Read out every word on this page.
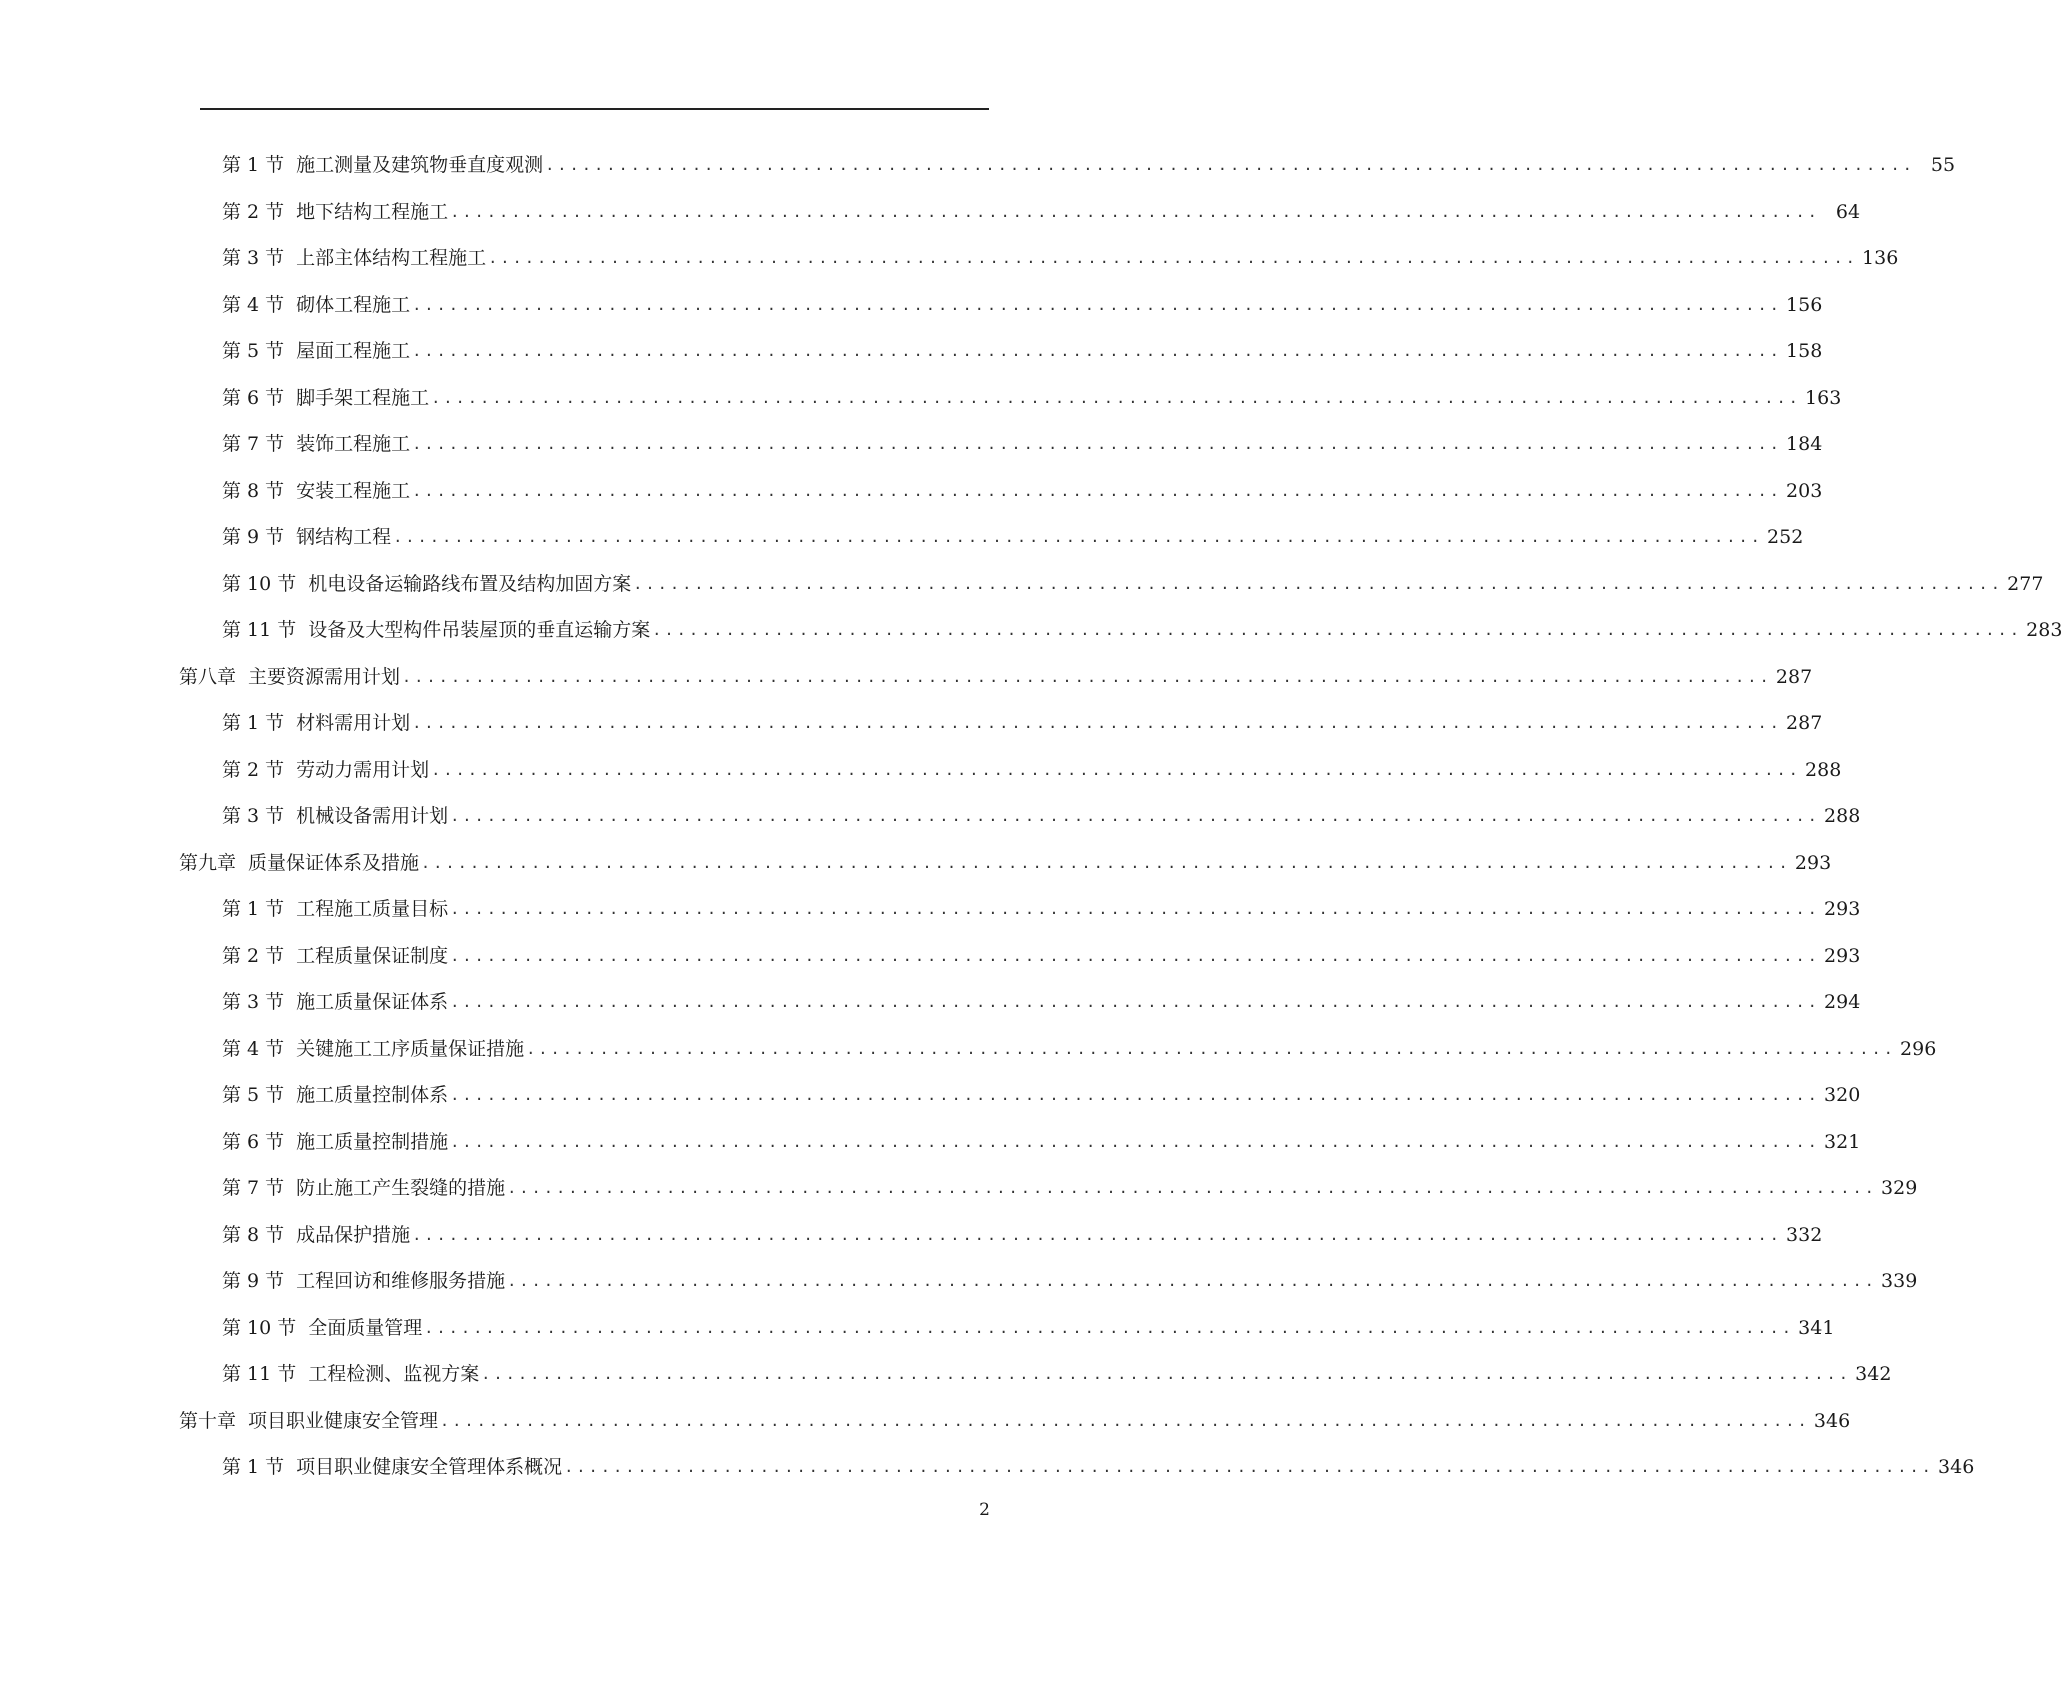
第 1 节 施工测量及建筑物垂直度观测 ................................................................................................................ 55
第 2 节 地下结构工程施工 ................................................................................................................ 64
第 3 节 上部主体结构工程施工 ................................................................................................................ 136
第 4 节 砌体工程施工 ................................................................................................................ 156
第 5 节 屋面工程施工 ................................................................................................................ 158
第 6 节 脚手架工程施工 ................................................................................................................ 163
第 7 节 装饰工程施工 ................................................................................................................ 184
第 8 节 安装工程施工 ................................................................................................................ 203
第 9 节 钢结构工程 ................................................................................................................ 252
第 10 节 机电设备运输路线布置及结构加固方案 ................................................................................................................ 277
第 11 节 设备及大型构件吊装屋顶的垂直运输方案 ................................................................................................................ 283
第八章 主要资源需用计划 ................................................................................................................ 287
第 1 节 材料需用计划 ................................................................................................................ 287
第 2 节 劳动力需用计划 ................................................................................................................ 288
第 3 节 机械设备需用计划 ................................................................................................................ 288
第九章 质量保证体系及措施 ................................................................................................................ 293
第 1 节 工程施工质量目标 ................................................................................................................ 293
第 2 节 工程质量保证制度 ................................................................................................................ 293
第 3 节 施工质量保证体系 ................................................................................................................ 294
第 4 节 关键施工工序质量保证措施 ................................................................................................................ 296
第 5 节 施工质量控制体系 ................................................................................................................ 320
第 6 节 施工质量控制措施 ................................................................................................................ 321
第 7 节 防止施工产生裂缝的措施 ................................................................................................................ 329
第 8 节 成品保护措施 ................................................................................................................ 332
第 9 节 工程回访和维修服务措施 ................................................................................................................ 339
第 10 节 全面质量管理 ................................................................................................................ 341
第 11 节 工程检测、监视方案 ................................................................................................................ 342
第十章 项目职业健康安全管理 ................................................................................................................ 346
第 1 节 项目职业健康安全管理体系概况 ................................................................................................................ 346
2
